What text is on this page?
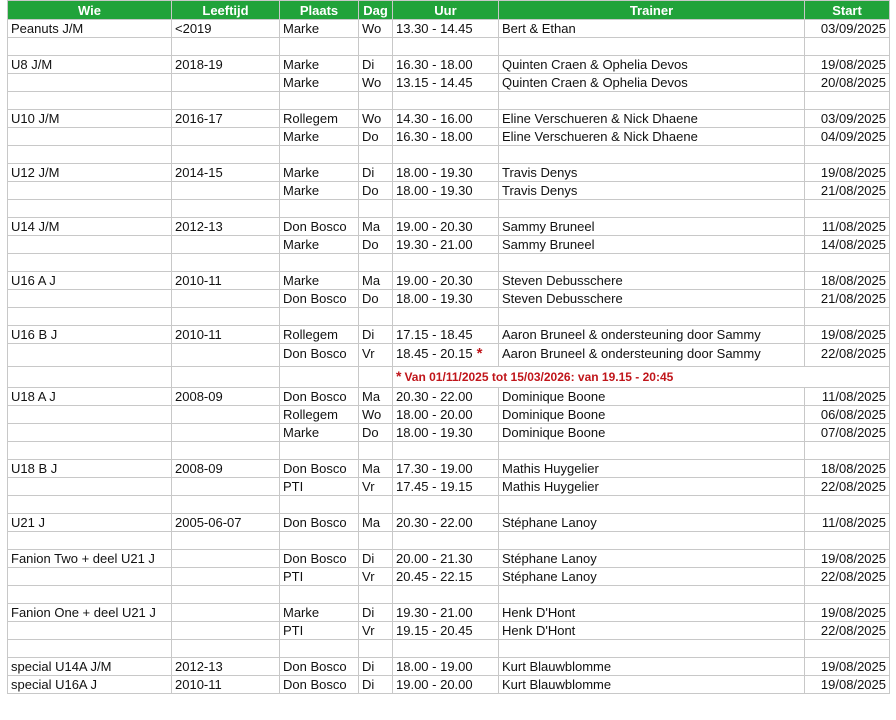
Wie	Leeftijd	Plaats	Dag	Uur	Trainer	Start
Peanuts J/M	<2019	Marke	Wo	13.30 - 14.45	Bert & Ethan	03/09/2025

U8 J/M	2018-19	Marke	Di	16.30 - 18.00	Quinten Craen & Ophelia Devos	19/08/2025
		Marke	Wo	13.15 - 14.45	Quinten Craen & Ophelia Devos	20/08/2025

U10 J/M	2016-17	Rollegem	Wo	14.30 - 16.00	Eline Verschueren & Nick Dhaene	03/09/2025
		Marke	Do	16.30 - 18.00	Eline Verschueren & Nick Dhaene	04/09/2025

U12 J/M	2014-15	Marke	Di	18.00 - 19.30	Travis Denys	19/08/2025
		Marke	Do	18.00 - 19.30	Travis Denys	21/08/2025

U14 J/M	2012-13	Don Bosco	Ma	19.00 - 20.30	Sammy Bruneel	11/08/2025
		Marke	Do	19.30 - 21.00	Sammy Bruneel	14/08/2025

U16 A J	2010-11	Marke	Ma	19.00 - 20.30	Steven Debusschere	18/08/2025
		Don Bosco	Do	18.00 - 19.30	Steven Debusschere	21/08/2025

U16 B J	2010-11	Rollegem	Di	17.15 - 18.45	Aaron Bruneel & ondersteuning door Sammy	19/08/2025
		Don Bosco	Vr	18.45 - 20.15 *	Aaron Bruneel & ondersteuning door Sammy	22/08/2025
				* Van 01/11/2025 tot 15/03/2026: van 19.15 - 20:45		
U18 A J	2008-09	Don Bosco	Ma	20.30 - 22.00	Dominique Boone	11/08/2025
		Rollegem	Wo	18.00 - 20.00	Dominique Boone	06/08/2025
		Marke	Do	18.00 - 19.30	Dominique Boone	07/08/2025

U18 B J	2008-09	Don Bosco	Ma	17.30 - 19.00	Mathis Huygelier	18/08/2025
		PTI	Vr	17.45 - 19.15	Mathis Huygelier	22/08/2025

U21 J	2005-06-07	Don Bosco	Ma	20.30 - 22.00	Stéphane Lanoy	11/08/2025

Fanion Two + deel U21 J		Don Bosco	Di	20.00 - 21.30	Stéphane Lanoy	19/08/2025
		PTI	Vr	20.45 - 22.15	Stéphane Lanoy	22/08/2025

Fanion One + deel U21 J		Marke	Di	19.30 - 21.00	Henk D'Hont	19/08/2025
		PTI	Vr	19.15 - 20.45	Henk D'Hont	22/08/2025

special U14A J/M	2012-13	Don Bosco	Di	18.00 - 19.00	Kurt Blauwblomme	19/08/2025
special U16A J	2010-11	Don Bosco	Di	19.00 - 20.00	Kurt Blauwblomme	19/08/2025
